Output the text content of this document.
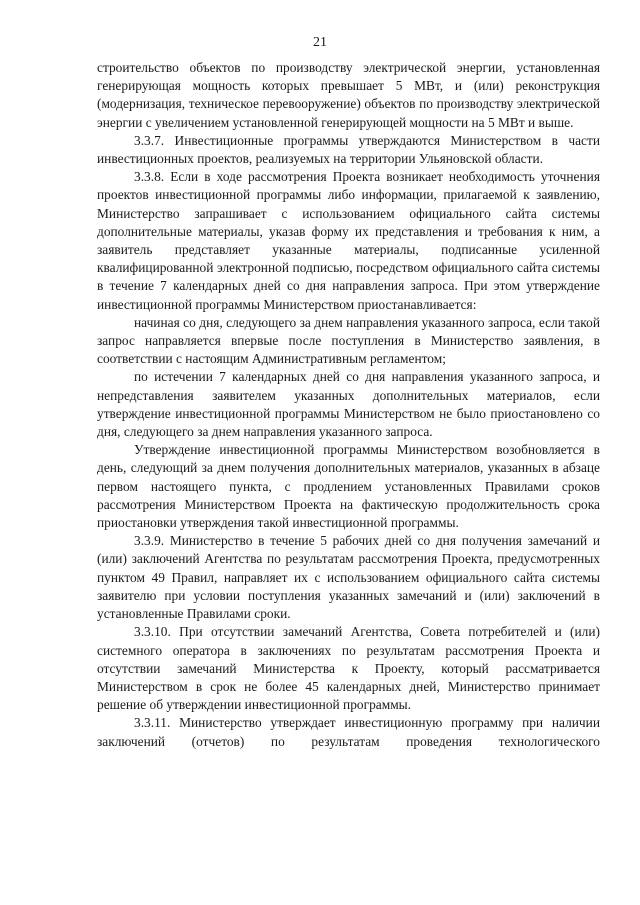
21

строительство объектов по производству электрической энергии, установленная генерирующая мощность которых превышает 5 МВт, и (или) реконструкция (модернизация, техническое перевооружение) объектов по производству электрической энергии с увеличением установленной генерирующей мощности на 5 МВт и выше.

3.3.7. Инвестиционные программы утверждаются Министерством в части инвестиционных проектов, реализуемых на территории Ульяновской области.

3.3.8. Если в ходе рассмотрения Проекта возникает необходимость уточнения проектов инвестиционной программы либо информации, прилагаемой к заявлению, Министерство запрашивает с использованием официального сайта системы дополнительные материалы, указав форму их представления и требования к ним, а заявитель представляет указанные материалы, подписанные усиленной квалифицированной электронной подписью, посредством официального сайта системы в течение 7 календарных дней со дня направления запроса. При этом утверждение инвестиционной программы Министерством приостанавливается:

начиная со дня, следующего за днем направления указанного запроса, если такой запрос направляется впервые после поступления в Министерство заявления, в соответствии с настоящим Административным регламентом;

по истечении 7 календарных дней со дня направления указанного запроса, и непредставления заявителем указанных дополнительных материалов, если утверждение инвестиционной программы Министерством не было приостановлено со дня, следующего за днем направления указанного запроса.

Утверждение инвестиционной программы Министерством возобновляется в день, следующий за днем получения дополнительных материалов, указанных в абзаце первом настоящего пункта, с продлением установленных Правилами сроков рассмотрения Министерством Проекта на фактическую продолжительность срока приостановки утверждения такой инвестиционной программы.

3.3.9. Министерство в течение 5 рабочих дней со дня получения замечаний и (или) заключений Агентства по результатам рассмотрения Проекта, предусмотренных пунктом 49 Правил, направляет их с использованием официального сайта системы заявителю при условии поступления указанных замечаний и (или) заключений в установленные Правилами сроки.

3.3.10. При отсутствии замечаний Агентства, Совета потребителей и (или) системного оператора в заключениях по результатам рассмотрения Проекта и отсутствии замечаний Министерства к Проекту, который рассматривается Министерством в срок не более 45 календарных дней, Министерство принимает решение об утверждении инвестиционной программы.

3.3.11. Министерство утверждает инвестиционную программу при наличии заключений (отчетов) по результатам проведения технологического
